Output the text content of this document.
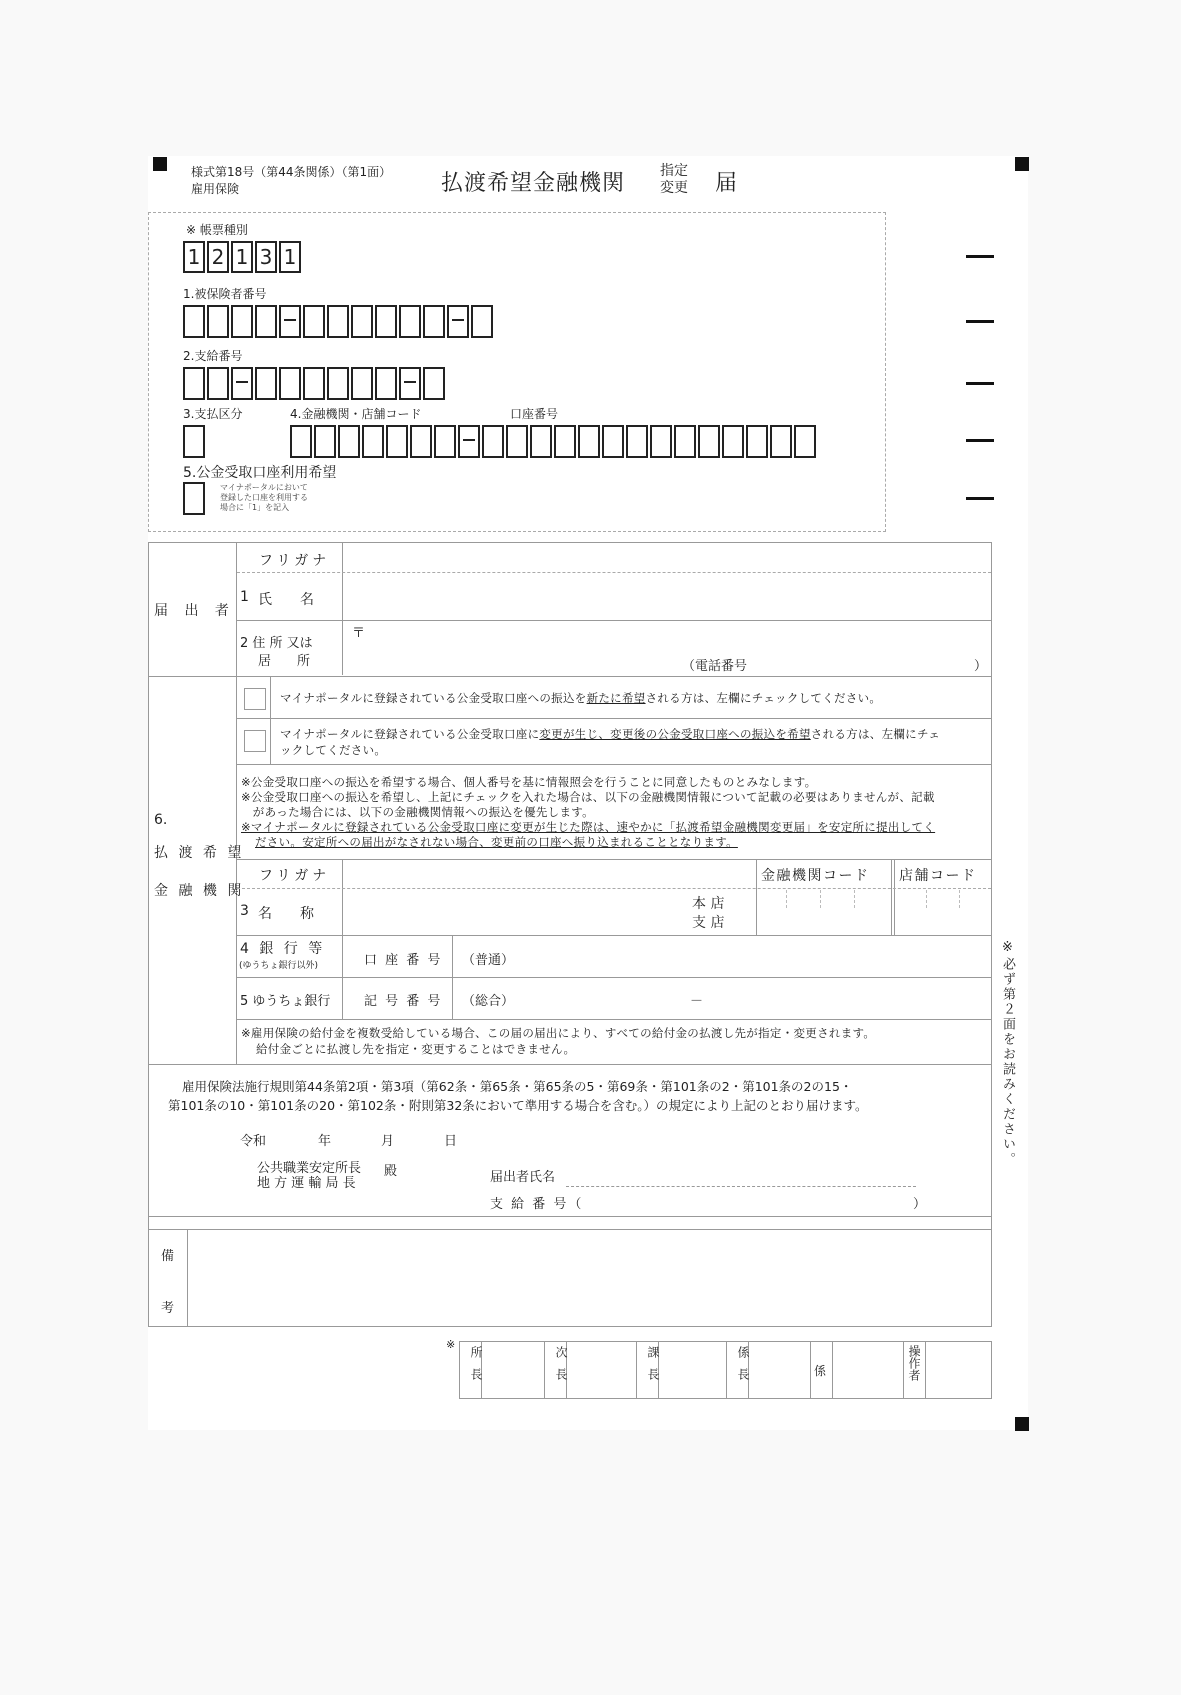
様式第18号（第44条関係）（第1面）
雇用保険	払渡希望金融機関 指定
変更 届
※ 帳票種別
1 2 1 3 1
1.被保険者番号
2.支給番号
3.支払区分	4.金融機関・店舗コード	口座番号
5.公金受取口座利用希望
マイナポータルにおいて
登録した口座を利用する
場合に「1」を記入
届 出 者
フリガナ
1 氏　　名
2 住 所 又は
居　　所
〒
（電話番号	）
6.
払 渡 希 望
金 融 機 関
マイナポータルに登録されている公金受取口座への振込を新たに希望される方は、左欄にチェックしてください。
マイナポータルに登録されている公金受取口座に変更が生じ、変更後の公金受取口座への振込を希望される方は、左欄にチェ
ックしてください。
※公金受取口座への振込を希望する場合、個人番号を基に情報照会を行うことに同意したものとみなします。
※公金受取口座への振込を希望し、上記にチェックを入れた場合は、以下の金融機関情報について記載の必要はありませんが、記載
　があった場合には、以下の金融機関情報への振込を優先します。
※マイナポータルに登録されている公金受取口座に変更が生じた際は、速やかに「払渡希望金融機関変更届」を安定所に提出してく
ださい。安定所への届出がなされない場合、変更前の口座へ振り込まれることとなります。
フリガナ	金融機関コード 店舗コード
3 名　　称
本 店
支 店
4 銀 行 等
(ゆうちょ銀行以外)	口 座 番 号 （普通）
5 ゆうちょ銀行	記 号 番 号 （総合）	－
※雇用保険の給付金を複数受給している場合、この届の届出により、すべての給付金の払渡し先が指定・変更されます。
給付金ごとに払渡し先を指定・変更することはできません。
雇用保険法施行規則第44条第2項・第3項（第62条・第65条・第65条の5・第69条・第101条の2・第101条の2の15・
第101条の10・第101条の20・第102条・附則第32条において準用する場合を含む。）の規定により上記のとおり届けます。
令和	年	月	日
公共職業安定所長
地 方 運 輸 局 長
殿	届出者氏名
支 給 番 号（	）
備
考
※
所長	次長	課長	係長	係	操作者
※必ず第２面をお読みください。
